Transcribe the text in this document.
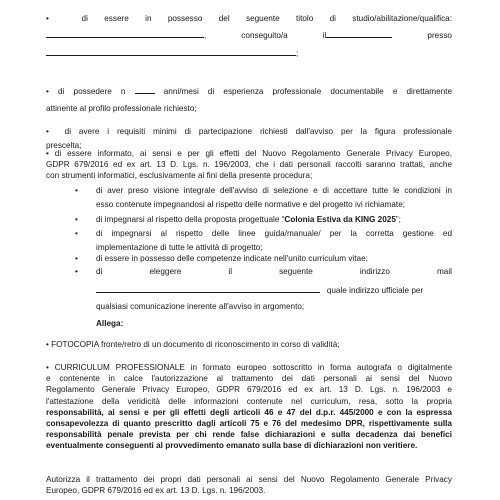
•	di essere in possesso del seguente titolo di studio/abilitazione/qualifica:
, conseguito/a	il	presso
;
• di possedere n	anni/mesi di esperienza professionale documentabile e direttamente
attinente al profilo professionale richiesto;
• di avere i requisiti minimi di partecipazione richiesti dall'avviso per la figura professionale
prescelta;
• di essere informato, ai sensi e per gli effetti del Nuovo Regolamento Generale Privacy Europeo,
GDPR 679/2016 ed ex art. 13 D. Lgs. n. 196/2003, che i dati personali raccolti saranno trattati, anche
con strumenti informatici, esclusivamente ai fini della presente procedura;
• di aver preso visione integrale dell'avviso di selezione e di accettare tutte le condizioni in
esso contenute impegnandosi al rispetto delle normative e del progetto ivi richiamate;
• di impegnarsi al rispetto della proposta progettuale “Colonia Estiva da KING 2025”;
• di impegnarsi al rispetto delle linee guida/manuale/ per la corretta gestione ed
implementazione di tutte le attività di progetto;
• di essere in possesso delle competenze indicate nell'unito curriculum vitae;
• di	eleggere	il	seguente	indirizzo	mail
quale indirizzo ufficiale per
qualsiasi comunicazione inerente all'avviso in argomento;
Allega:
• FOTOCOPIA fronte/retro di un documento di riconoscimento in corso di validità;
• CURRICULUM PROFESSIONALE in formato europeo sottoscritto in forma autografa o digitalmente
e contenente in calce l'autorizzazione al trattamento dei dati personali ai sensi del Nuovo
Regolamento Generale Privacy Europeo, GDPR 679/2016 ed ex art. 13 D. Lgs. n. 196/2003 e
l'attestazione della veridicità delle informazioni contenute nel curriculum, resa, sotto la propria
responsabilità, ai sensi e per gli effetti degli articoli 46 e 47 del d.p.r. 445/2000 e con la espressa
consapevolezza di quanto prescritto dagli articoli 75 e 76 del medesimo DPR, rispettivamente sulla
responsabilità penale prevista per chi rende false dichiarazioni e sulla decadenza dai benefici
eventualmente conseguenti al provvedimento emanato sulla base di dichiarazioni non veritiere.
Autorizza il trattamento dei propri dati personali ai sensi del Nuovo Regolamento Generale Privacy
Europeo, GDPR 679/2016 ed ex art. 13 D. Lgs. n. 196/2003.
